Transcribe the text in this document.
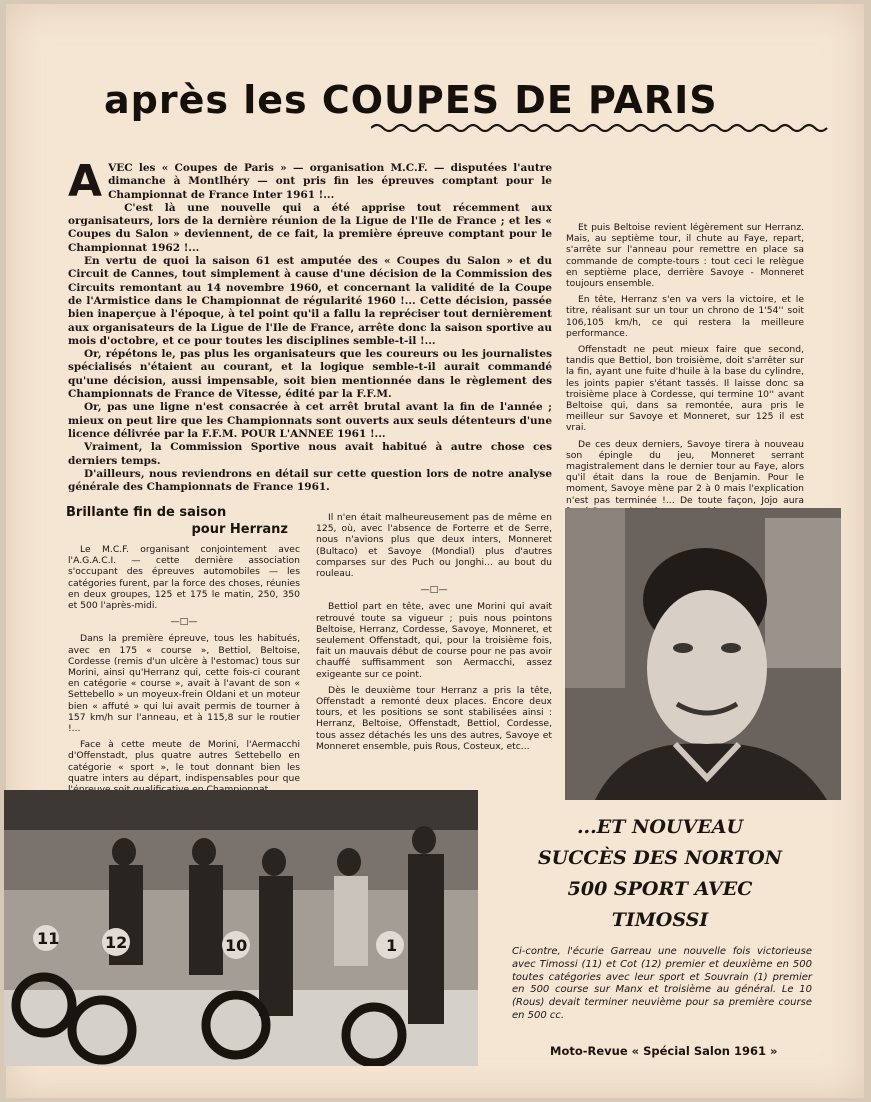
après les COUPES DE PARIS
A VEC les « Coupes de Paris » — organisation M.C.F. — disputées l'autre dimanche à Montlhéry — ont pris fin les épreuves comptant pour le Championnat de France Inter 1961 !...

C'est là une nouvelle qui a été apprise tout récemment aux organisateurs, lors de la dernière réunion de la Ligue de l'Ile de France ; et les « Coupes du Salon » deviennent, de ce fait, la première épreuve comptant pour le Championnat 1962 !...

En vertu de quoi la saison 61 est amputée des « Coupes du Salon » et du Circuit de Cannes, tout simplement à cause d'une décision de la Commission des Circuits remontant au 14 novembre 1960, et concernant la validité de la Coupe de l'Armistice dans le Championnat de régularité 1960 !... Cette décision, passée bien inaperçue à l'époque, à tel point qu'il a fallu la repréciser tout dernièrement aux organisateurs de la Ligue de l'Ile de France, arrête donc la saison sportive au mois d'octobre, et ce pour toutes les disciplines semble-t-il !...

Or, répétons le, pas plus les organisateurs que les coureurs ou les journalistes spécialisés n'étaient au courant, et la logique semble-t-il aurait commandé qu'une décision, aussi impensable, soit bien mentionnée dans le règlement des Championnats de France de Vitesse, édité par la F.F.M.

Or, pas une ligne n'est consacrée à cet arrêt brutal avant la fin de l'année ; mieux on peut lire que les Championnats sont ouverts aux seuls détenteurs d'une licence délivrée par la F.F.M. POUR L'ANNEE 1961 !...

Vraiment, la Commission Sportive nous avait habitué à autre chose ces derniers temps.

D'ailleurs, nous reviendrons en détail sur cette question lors de notre analyse générale des Championnats de France 1961.

Brillante fin de saison
pour Herranz

Le M.C.F. organisant conjointement avec l'A.G.A.C.I. — cette dernière association s'occupant des épreuves automobiles — les catégories furent, par la force des choses, réunies en deux groupes, 125 et 175 le matin, 250, 350 et 500 l'après-midi.

—□—

Dans la première épreuve, tous les habitués, avec en 175 « course », Bettiol, Beltoise, Cordesse (remis d'un ulcère à l'estomac) tous sur Morini, ainsi qu'Herranz qui, cette fois-ci courant en catégorie « course », avait à l'avant de son « Settebello » un moyeux-frein Oldani et un moteur bien « affuté » qui lui avait permis de tourner à 157 km/h sur l'anneau, et à 115,8 sur le routier !...

Face à cette meute de Morini, l'Aermacchi d'Offenstadt, plus quatre autres Settebello en catégorie « sport », le tout donnant bien les quatre inters au départ, indispensables pour que

Il n'en était malheureusement pas de même en 125, où, avec l'absence de Forterre et de Serre, nous n'avions plus que deux inters, Monneret (Bultaco) et Savoye (Mondial) plus d'autres comparses sur des Puch ou Jonghi... au bout du rouleau.

—□—

Bettiol part en tête, avec une Morini qui avait retrouvé toute sa vigueur ; puis nous pointons Beltoise, Herranz, Cordesse, Savoye, Monneret, et seulement Offenstadt, qui, pour la troisième fois, fait un mauvais début de course pour ne pas avoir chauffé suffisamment son Aermacchi, assez exigeante sur ce point.

Dès le deuxième tour Herranz a pris la tête, Offenstadt a remonté deux places. Encore deux tours, et les positions se sont stabilisées ainsi : Herranz, Beltoise, Offenstadt, Bettiol, Cordesse, tous assez détachés les uns des autres, Savoye et Monneret ensemble, puis Rous, Costeux, etc...

Et puis Beltoise revient légèrement sur Herranz. Mais, au septième tour, il chute au Faye, repart, s'arrête sur l'anneau pour remettre en place sa commande de compte-tours : tout ceci le relègue en septième place, derrière Savoye - Monneret toujours ensemble.

En tête, Herranz s'en va vers la victoire, et le titre, réalisant sur un tour un chrono de 1'54'' soit 106,105 km/h, ce qui restera la meilleure performance.

Offenstadt ne peut mieux faire que second, tandis que Bettiol, bon troisième, doit s'arrêter sur la fin, ayant une fuite d'huile à la base du cylindre, les joints papier s'étant tassés. Il laisse donc sa troisième place à Cordesse, qui termine 10'' avant Beltoise qui, dans sa remontée, aura pris le meilleur sur Savoye et Monneret, sur 125 il est vrai.

De ces deux derniers, Savoye tirera à nouveau son épingle du jeu, Monneret serrant magistralement dans le dernier tour au Faye, alors qu'il était dans la roue de Benjamin. Pour le moment, Savoye mène par 2 à 0 mais l'explication n'est pas terminée !... De toute façon, Jojo aura

11	12	10	1
...ET NOUVEAU
SUCCÈS DES NORTON
500 SPORT AVEC
TIMOSSI
Ci-contre, l'écurie Garreau une nouvelle fois victorieuse avec Timossi (11) et Cot (12) premier et deuxième en 500 toutes catégories avec leur sport et Souvrain (1) premier en 500 course sur Manx et troisième au général. Le 10 (Rous) devait terminer neuvième pour sa première course en 500 cc.
Moto-Revue « Spécial Salon 1961 »
